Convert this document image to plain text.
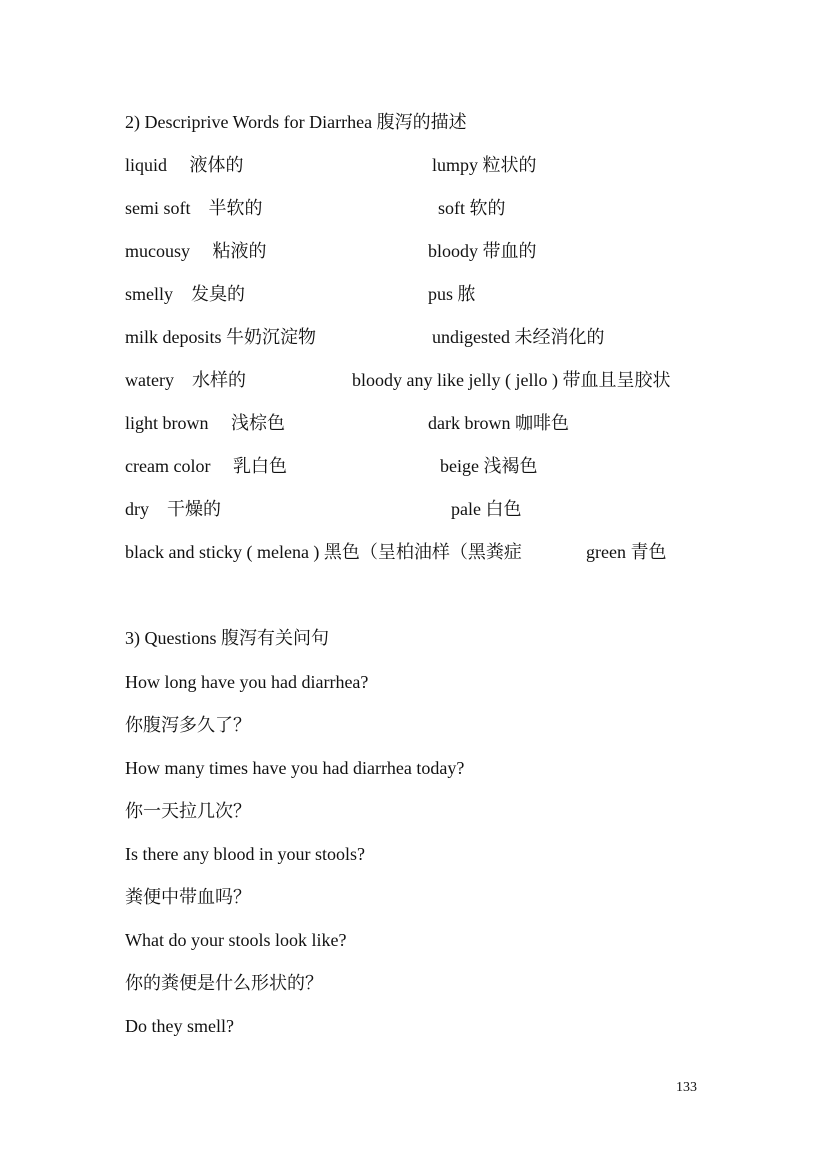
2) Descriprive Words for Diarrhea 腹泻的描述
liquid　 液体的	lumpy 粒状的
semi soft　半软的	soft 软的
mucousy　 粘液的	bloody 带血的
smelly　发臭的	pus 脓
milk deposits 牛奶沉淀物	undigested 未经消化的
watery　水样的	bloody any like jelly ( jello ) 带血且呈胶状
light brown　 浅棕色	dark brown 咖啡色
cream color　 乳白色	beige 浅褐色
dry　干燥的	pale 白色
black and sticky ( melena ) 黑色（呈柏油样（黑粪症	green 青色
3) Questions 腹泻有关问句
How long have you had diarrhea?
你腹泻多久了？
How many times have you had diarrhea today?
你一天拉几次？
Is there any blood in your stools?
粪便中带血吗？
What do your stools look like?
你的粪便是什么形状的？
Do they smell?
133
